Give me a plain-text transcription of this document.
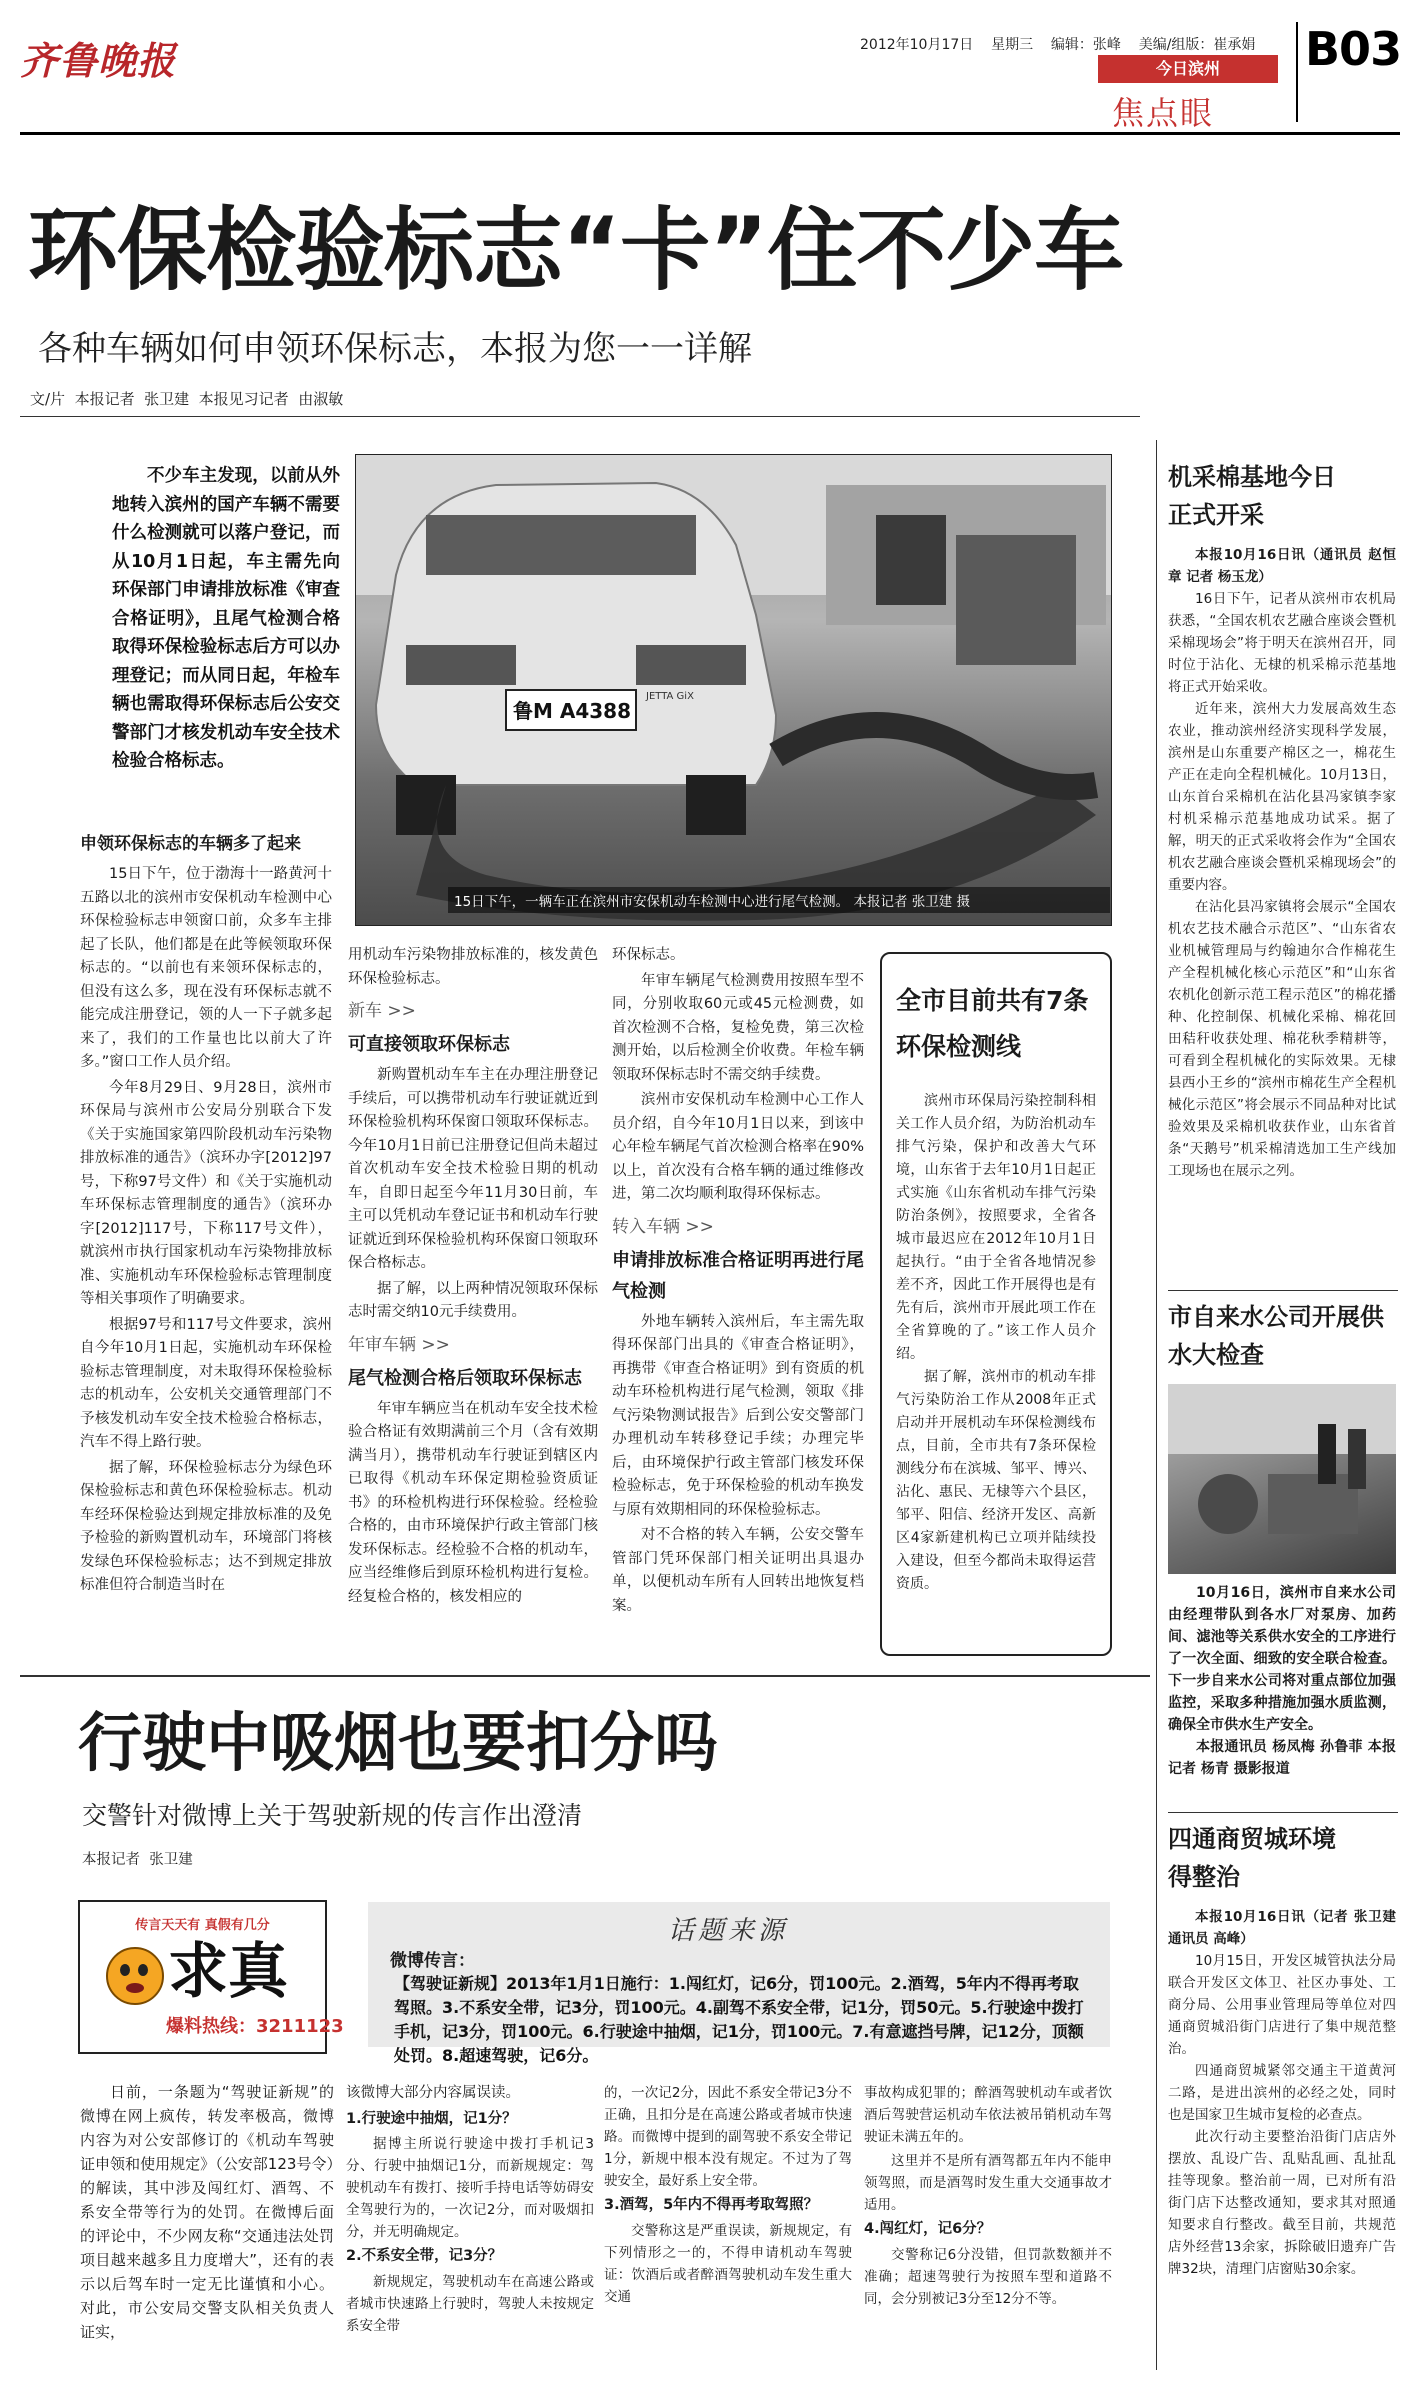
齐鲁晚报	2012年10月17日 星期三 编辑：张峰 美编/组版：崔承娟
今日滨州
焦点眼
B03
环保检验标志“卡”住不少车
各种车辆如何申领环保标志，本报为您一一详解
文/片  本报记者  张卫建  本报见习记者  由淑敏

不少车主发现，以前从外地转入滨州的国产车辆不需要什么检测就可以落户登记，而从10月1日起，车主需先向环保部门申请排放标准《审查合格证明》，且尾气检测合格取得环保检验标志后方可以办理登记；而从同日起，年检车辆也需取得环保标志后公安交警部门才核发机动车安全技术检验合格标志。

鲁M A4388
JETTA GiX
15日下午，一辆车正在滨州市安保机动车检测中心进行尾气检测。 本报记者 张卫建 摄
申领环保标志的车辆多了起来

15日下午，位于渤海十一路黄河十五路以北的滨州市安保机动车检测中心环保检验标志申领窗口前，众多车主排起了长队，他们都是在此等候领取环保标志的。“以前也有来领环保标志的，但没有这么多，现在没有环保标志就不能完成注册登记，领的人一下子就多起来了，我们的工作量也比以前大了许多。”窗口工作人员介绍。

今年8月29日、9月28日，滨州市环保局与滨州市公安局分别联合下发《关于实施国家第四阶段机动车污染物排放标准的通告》（滨环办字[2012]97号，下称97号文件）和《关于实施机动车环保标志管理制度的通告》（滨环办字[2012]117号，下称117号文件），就滨州市执行国家机动车污染物排放标准、实施机动车环保检验标志管理制度等相关事项作了明确要求。

根据97号和117号文件要求，滨州自今年10月1日起，实施机动车环保检验标志管理制度，对未取得环保检验标志的机动车，公安机关交通管理部门不予核发机动车安全技术检验合格标志，汽车不得上路行驶。

据了解，环保检验标志分为绿色环保检验标志和黄色环保检验标志。机动车经环保检验达到规定排放标准的及免予检验的新购置机动车，环境部门将核发绿色环保检验标志；达不到规定排放标准但符合制造当时在

用机动车污染物排放标准的，核发黄色环保检验标志。

新车 >>
可直接领取环保标志

新购置机动车车主在办理注册登记手续后，可以携带机动车行驶证就近到环保检验机构环保窗口领取环保标志。今年10月1日前已注册登记但尚未超过首次机动车安全技术检验日期的机动车，自即日起至今年11月30日前，车主可以凭机动车登记证书和机动车行驶证就近到环保检验机构环保窗口领取环保合格标志。

据了解，以上两种情况领取环保标志时需交纳10元手续费用。

年审车辆 >>
尾气检测合格后领取环保标志

年审车辆应当在机动车安全技术检验合格证有效期满前三个月（含有效期满当月），携带机动车行驶证到辖区内已取得《机动车环保定期检验资质证书》的环检机构进行环保检验。经检验合格的，由市环境保护行政主管部门核发环保标志。经检验不合格的机动车，应当经维修后到原环检机构进行复检。经复检合格的，核发相应的

环保标志。

年审车辆尾气检测费用按照车型不同，分别收取60元或45元检测费，如首次检测不合格，复检免费，第三次检测开始，以后检测全价收费。年检车辆领取环保标志时不需交纳手续费。

滨州市安保机动车检测中心工作人员介绍，自今年10月1日以来，到该中心年检车辆尾气首次检测合格率在90%以上，首次没有合格车辆的通过维修改进，第二次均顺利取得环保标志。

转入车辆 >>
申请排放标准合格证明再进行尾气检测

外地车辆转入滨州后，车主需先取得环保部门出具的《审查合格证明》，再携带《审查合格证明》到有资质的机动车环检机构进行尾气检测，领取《排气污染物测试报告》后到公安交警部门办理机动车转移登记手续；办理完毕后，由环境保护行政主管部门核发环保检验标志，免于环保检验的机动车换发与原有效期相同的环保检验标志。

对不合格的转入车辆，公安交警车管部门凭环保部门相关证明出具退办单，以便机动车所有人回转出地恢复档案。

全市目前共有7条环保检测线

滨州市环保局污染控制科相关工作人员介绍，为防治机动车排气污染，保护和改善大气环境，山东省于去年10月1日起正式实施《山东省机动车排气污染防治条例》，按照要求，全省各城市最迟应在2012年10月1日起执行。“由于全省各地情况参差不齐，因此工作开展得也是有先有后，滨州市开展此项工作在全省算晚的了。”该工作人员介绍。

据了解，滨州市的机动车排气污染防治工作从2008年正式启动并开展机动车环保检测线布点，目前，全市共有7条环保检测线分布在滨城、邹平、博兴、沾化、惠民、无棣等六个县区，邹平、阳信、经济开发区、高新区4家新建机构已立项并陆续投入建设，但至今都尚未取得运营资质。

机采棉基地今日正式开采

本报10月16日讯（通讯员 赵恒章 记者 杨玉龙）

16日下午，记者从滨州市农机局获悉，“全国农机农艺融合座谈会暨机采棉现场会”将于明天在滨州召开，同时位于沾化、无棣的机采棉示范基地将正式开始采收。

近年来，滨州大力发展高效生态农业，推动滨州经济实现科学发展，滨州是山东重要产棉区之一，棉花生产正在走向全程机械化。10月13日，山东首台采棉机在沾化县冯家镇李家村机采棉示范基地成功试采。据了解，明天的正式采收将会作为“全国农机农艺融合座谈会暨机采棉现场会”的重要内容。

在沾化县冯家镇将会展示“全国农机农艺技术融合示范区”、“山东省农业机械管理局与约翰迪尔合作棉花生产全程机械化核心示范区”和“山东省农机化创新示范工程示范区”的棉花播种、化控制保、机械化采棉、棉花回田秸秆收获处理、棉花秋季精耕等，可看到全程机械化的实际效果。无棣县西小王乡的“滨州市棉花生产全程机械化示范区”将会展示不同品种对比试验效果及采棉机收获作业，山东省首条“天鹅号”机采棉清选加工生产线加工现场也在展示之列。

市自来水公司开展供水大检查

10月16日，滨州市自来水公司由经理带队到各水厂对泵房、加药间、滤池等关系供水安全的工序进行了一次全面、细致的安全联合检查。下一步自来水公司将对重点部位加强监控，采取多种措施加强水质监测，确保全市供水生产安全。

本报通讯员 杨凤梅 孙鲁菲 本报记者 杨青 摄影报道

四通商贸城环境得整治

本报10月16日讯（记者 张卫建 通讯员 高峰）

10月15日，开发区城管执法分局联合开发区文体卫、社区办事处、工商分局、公用事业管理局等单位对四通商贸城沿街门店进行了集中规范整治。

四通商贸城紧邻交通主干道黄河二路，是进出滨州的必经之处，同时也是国家卫生城市复检的必查点。

此次行动主要整治沿街门店店外摆放、乱设广告、乱贴乱画、乱扯乱挂等现象。整治前一周，已对所有沿街门店下达整改通知，要求其对照通知要求自行整改。截至目前，共规范店外经营13余家，拆除破旧遗弃广告牌32块，清理门店窗贴30余家。

行驶中吸烟也要扣分吗
交警针对微博上关于驾驶新规的传言作出澄清
本报记者  张卫建
传言天天有 真假有几分
求真
爆料热线：3211123
话题来源
微博传言：
【驾驶证新规】2013年1月1日施行：1.闯红灯，记6分，罚100元。2.酒驾，5年内不得再考取驾照。3.不系安全带，记3分，罚100元。4.副驾不系安全带，记1分，罚50元。5.行驶途中拨打手机，记3分，罚100元。6.行驶途中抽烟，记1分，罚100元。7.有意遮挡号牌，记12分，顶额处罚。8.超速驾驶，记6分。

日前，一条题为“驾驶证新规”的微博在网上疯传，转发率极高，微博内容为对公安部修订的《机动车驾驶证申领和使用规定》（公安部123号令）的解读，其中涉及闯红灯、酒驾、不系安全带等行为的处罚。在微博后面的评论中，不少网友称“交通违法处罚项目越来越多且力度增大”，还有的表示以后驾车时一定无比谨慎和小心。对此，市公安局交警支队相关负责人证实，

该微博大部分内容属误读。

1.行驶途中抽烟，记1分？

据博主所说行驶途中拨打手机记3分、行驶中抽烟记1分，而新规规定：驾驶机动车有拨打、接听手持电话等妨碍安全驾驶行为的，一次记2分，而对吸烟扣分，并无明确规定。

2.不系安全带，记3分？

新规规定，驾驶机动车在高速公路或者城市快速路上行驶时，驾驶人未按规定系安全带

的，一次记2分，因此不系安全带记3分不正确，且扣分是在高速公路或者城市快速路。而微博中提到的副驾驶不系安全带记1分，新规中根本没有规定。不过为了驾驶安全，最好系上安全带。

3.酒驾，5年内不得再考取驾照？

交警称这是严重误读，新规规定，有下列情形之一的，不得申请机动车驾驶证：饮酒后或者醉酒驾驶机动车发生重大交通

事故构成犯罪的；醉酒驾驶机动车或者饮酒后驾驶营运机动车依法被吊销机动车驾驶证未满五年的。

这里并不是所有酒驾都五年内不能申领驾照，而是酒驾时发生重大交通事故才适用。

4.闯红灯，记6分？

交警称记6分没错，但罚款数额并不准确；超速驾驶行为按照车型和道路不同，会分别被记3分至12分不等。
